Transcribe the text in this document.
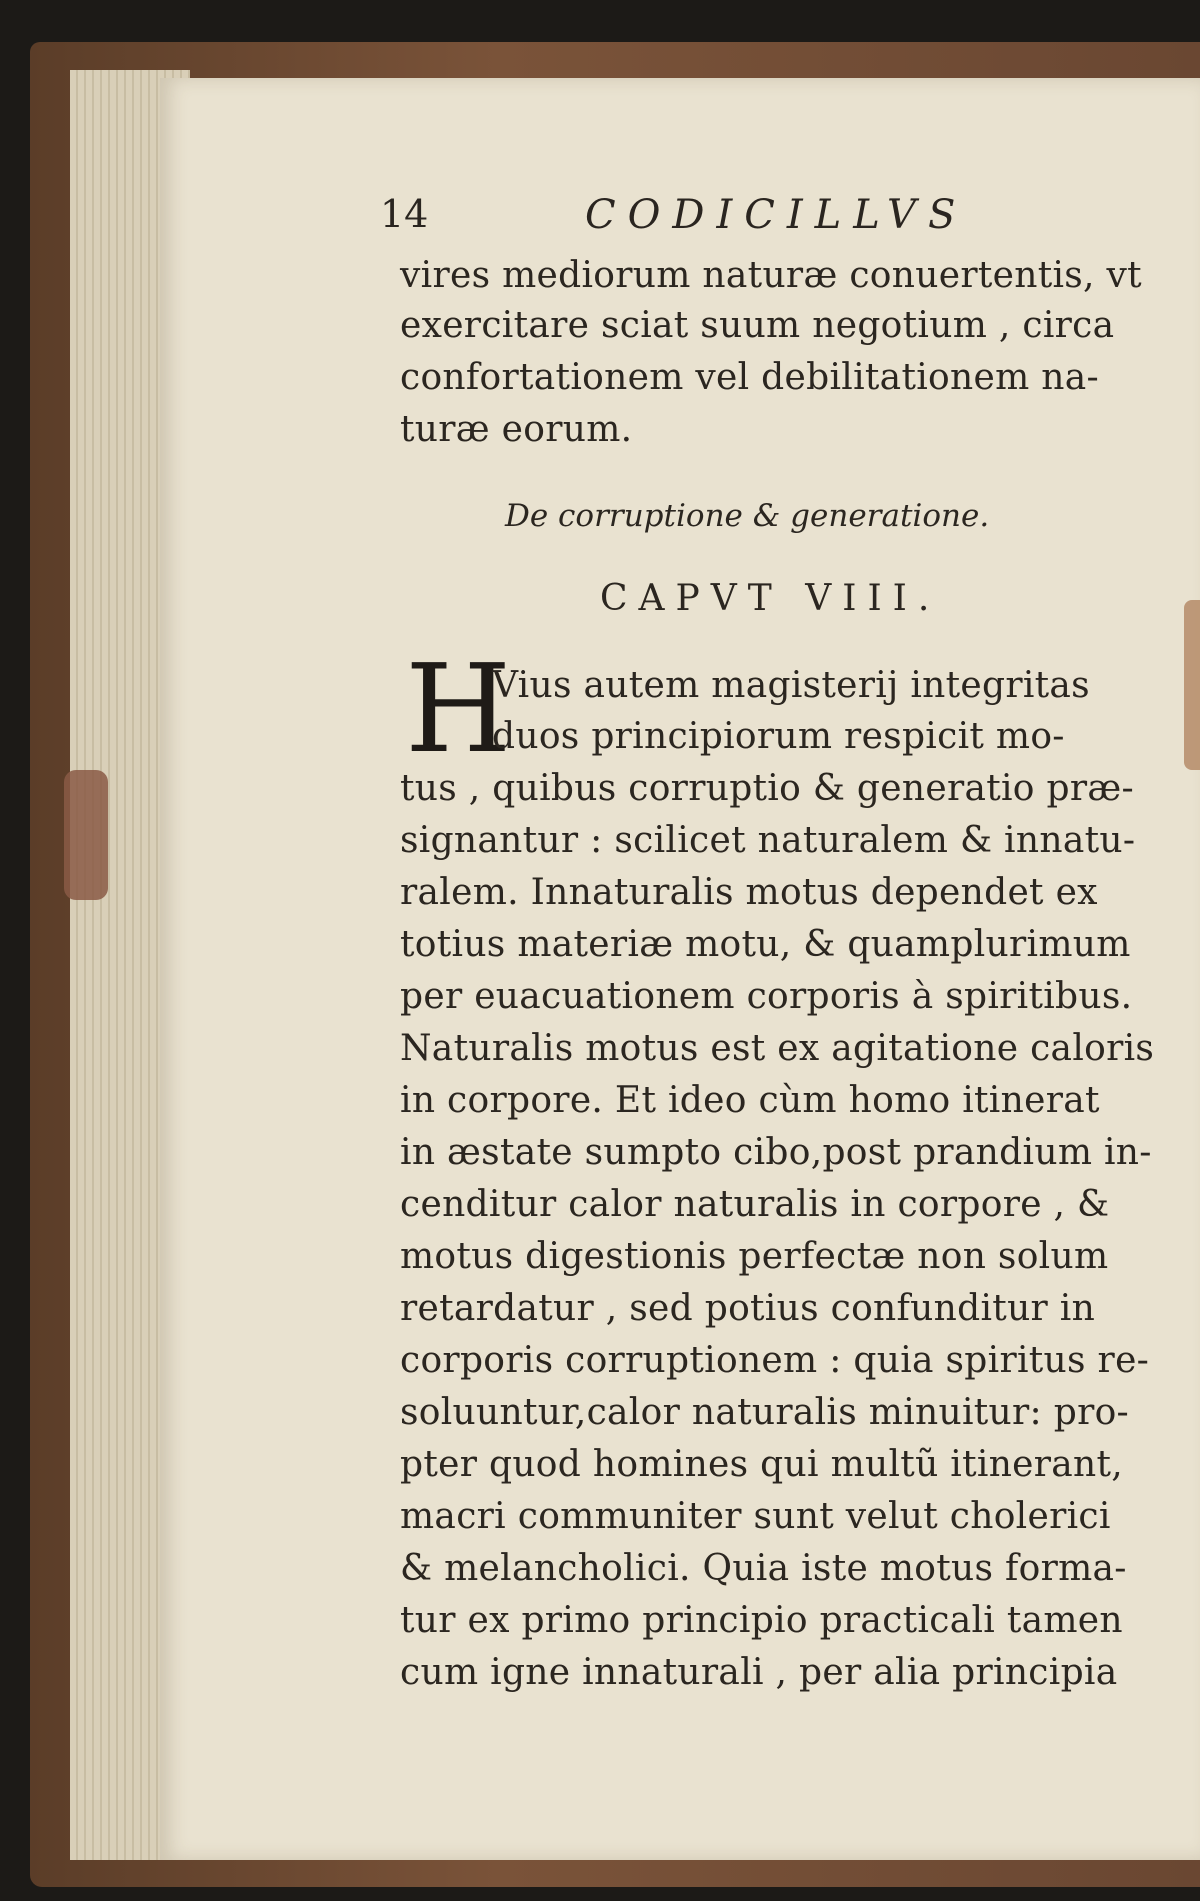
14	CODICILLVS
vires mediorum naturæ conuertentis, vt
exercitare sciat suum negotium , circa
confortationem vel debilitationem na-
turæ eorum.
De corruptione & generatione.
CAPVT VIII.
H
Vius autem magisterij integritas
duos principiorum respicit mo-
tus , quibus corruptio & generatio præ-
signantur : scilicet naturalem & innatu-
ralem. Innaturalis motus dependet ex
totius materiæ motu, & quamplurimum
per euacuationem corporis à spiritibus.
Naturalis motus est ex agitatione caloris
in corpore. Et ideo cùm homo itinerat
in æstate sumpto cibo,post prandium in-
cenditur calor naturalis in corpore , &
motus digestionis perfectæ non solum
retardatur , sed potius confunditur in
corporis corruptionem : quia spiritus re-
soluuntur,calor naturalis minuitur: pro-
pter quod homines qui multũ itinerant,
macri communiter sunt velut cholerici
& melancholici. Quia iste motus forma-
tur ex primo principio practicali tamen
cum igne innaturali , per alia principia
